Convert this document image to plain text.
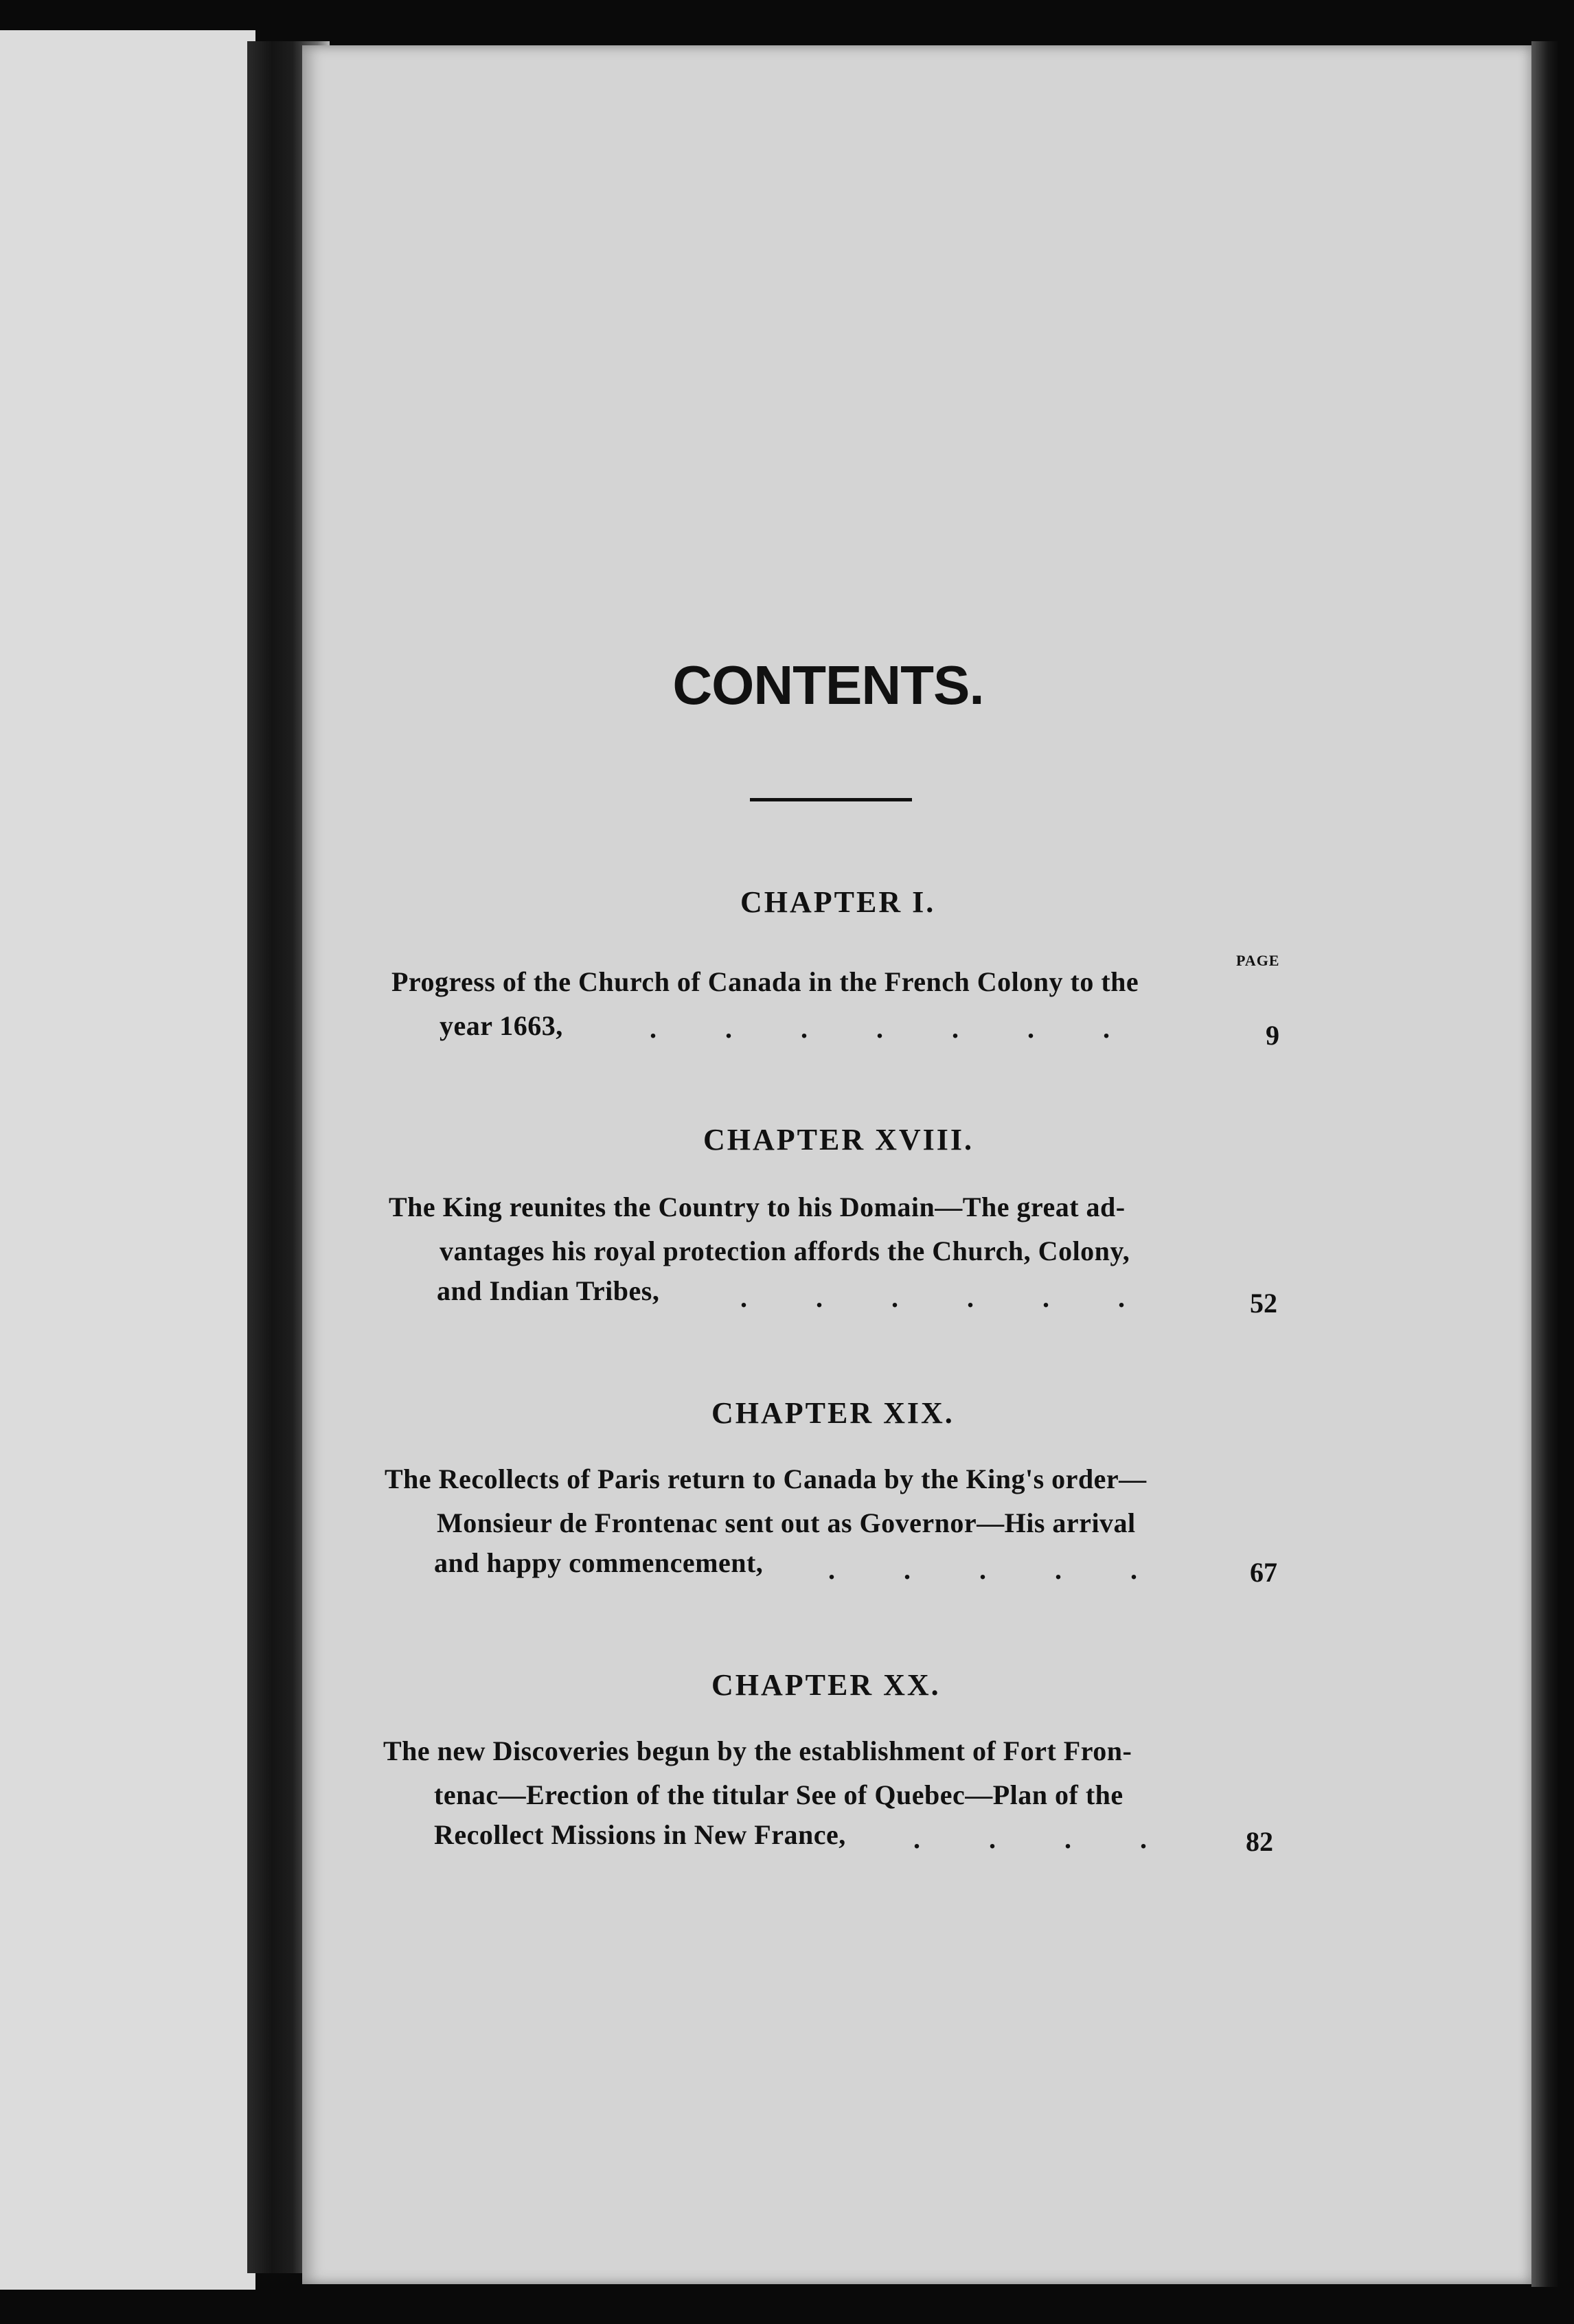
CONTENTS.
CHAPTER I.
PAGE
Progress of the Church of Canada in the French Colony to the
year 1663,	.          .          .          .          .          .          .	9
CHAPTER XVIII.
The King reunites the Country to his Domain—The great ad-
vantages his royal protection affords the Church, Colony,
and Indian Tribes,	.          .          .          .          .          .	52
CHAPTER XIX.
The Recollects of Paris return to Canada by the King's order—
Monsieur de Frontenac sent out as Governor—His arrival
and happy commencement, .          .          .          .          .	67
CHAPTER XX.
The new Discoveries begun by the establishment of Fort Fron-
tenac—Erection of the titular See of Quebec—Plan of the
Recollect Missions in New France, .          .          .          .	82
